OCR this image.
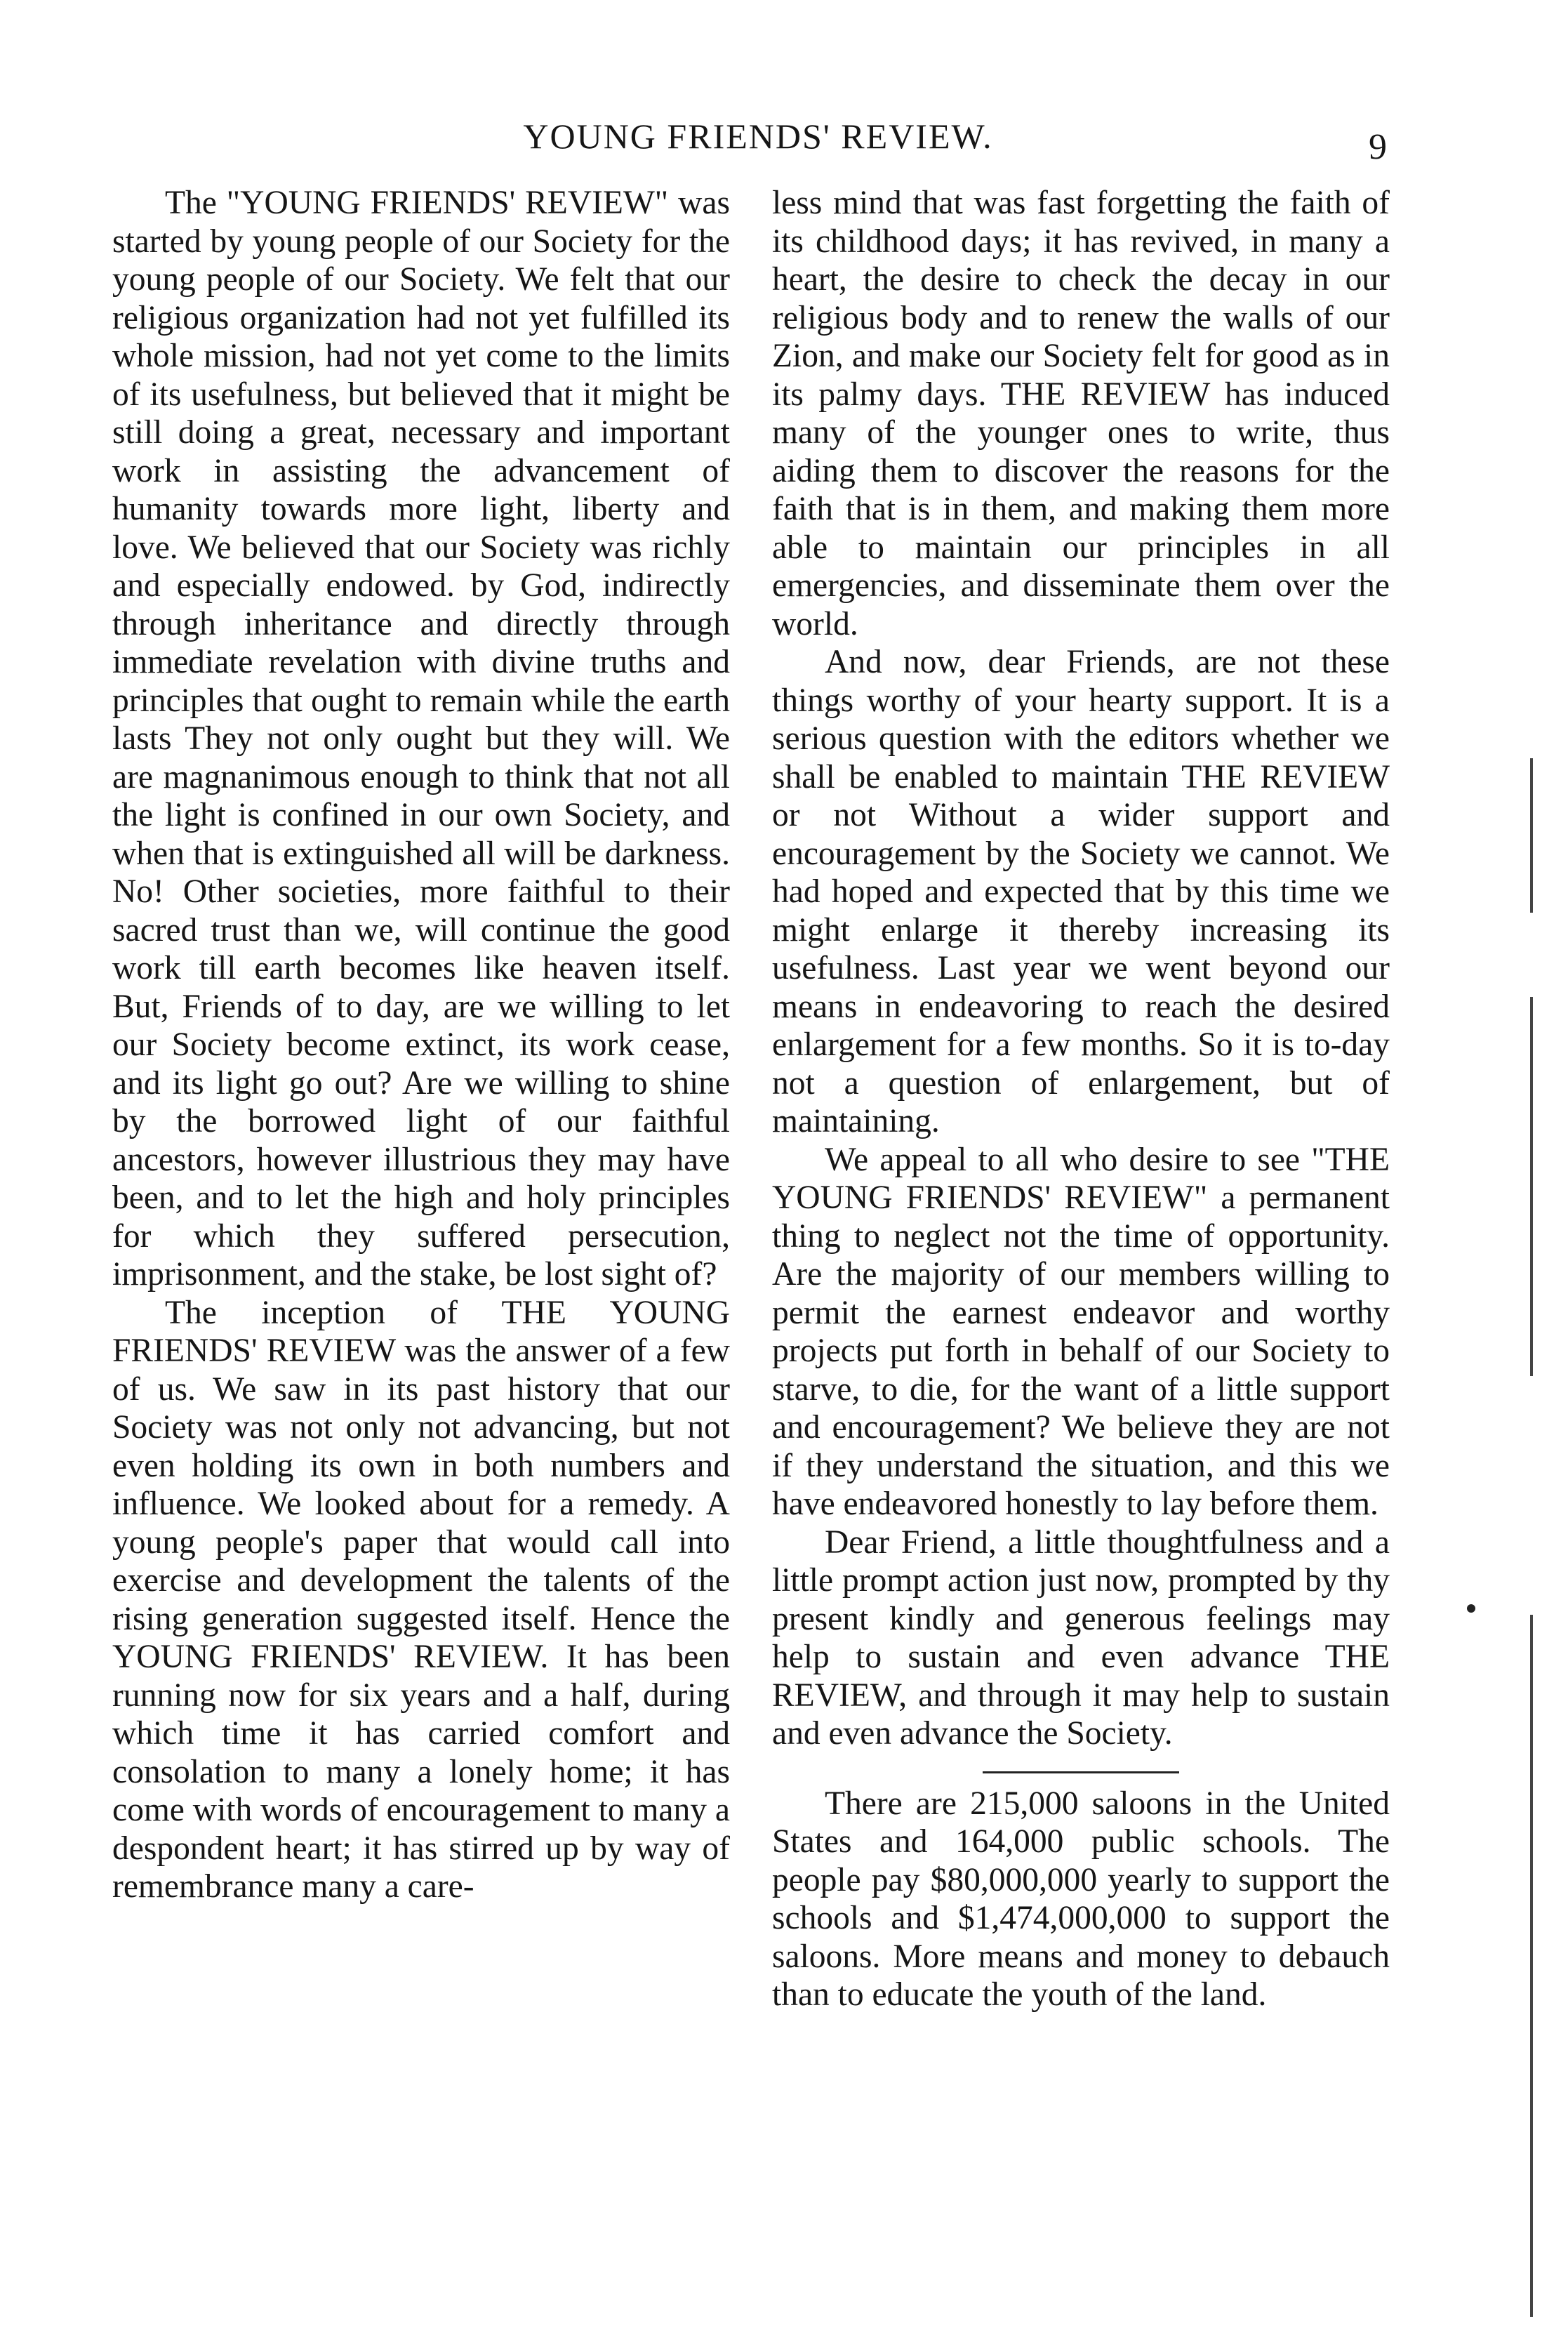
YOUNG FRIENDS' REVIEW.	9

The "YOUNG FRIENDS' REVIEW" was started by young people of our Society for the young people of our Society. We felt that our religious organization had not yet fulfilled its whole mission, had not yet come to the limits of its usefulness, but believed that it might be still doing a great, necessary and important work in assisting the advancement of humanity towards more light, liberty and love. We believed that our Society was richly and especially endowed. by God, indirectly through inheritance and directly through immediate revelation with divine truths and principles that ought to remain while the earth lasts They not only ought but they will. We are magnanimous enough to think that not all the light is confined in our own Society, and when that is extinguished all will be darkness. No! Other societies, more faithful to their sacred trust than we, will continue the good work till earth becomes like heaven itself. But, Friends of to day, are we willing to let our Society become extinct, its work cease, and its light go out? Are we willing to shine by the borrowed light of our faithful ancestors, however illustrious they may have been, and to let the high and holy principles for which they suffered persecution, imprisonment, and the stake, be lost sight of?

The inception of THE YOUNG FRIENDS' REVIEW was the answer of a few of us. We saw in its past history that our Society was not only not advancing, but not even holding its own in both numbers and influence. We looked about for a remedy. A young people's paper that would call into exercise and development the talents of the rising generation suggested itself. Hence the YOUNG FRIENDS' REVIEW. It has been running now for six years and a half, during which time it has carried comfort and consolation to many a lonely home; it has come with words of encouragement to many a despondent heart; it has stirred up by way of remembrance many a care-

less mind that was fast forgetting the faith of its childhood days; it has revived, in many a heart, the desire to check the decay in our religious body and to renew the walls of our Zion, and make our Society felt for good as in its palmy days. THE REVIEW has induced many of the younger ones to write, thus aiding them to discover the reasons for the faith that is in them, and making them more able to maintain our principles in all emergencies, and disseminate them over the world.

And now, dear Friends, are not these things worthy of your hearty support. It is a serious question with the editors whether we shall be enabled to maintain THE REVIEW or not Without a wider support and encouragement by the Society we cannot. We had hoped and expected that by this time we might enlarge it thereby increasing its usefulness. Last year we went beyond our means in endeavoring to reach the desired enlargement for a few months. So it is to-day not a question of enlargement, but of maintaining.

We appeal to all who desire to see "THE YOUNG FRIENDS' REVIEW" a permanent thing to neglect not the time of opportunity. Are the majority of our members willing to permit the earnest endeavor and worthy projects put forth in behalf of our Society to starve, to die, for the want of a little support and encouragement? We believe they are not if they understand the situation, and this we have endeavored honestly to lay before them.

Dear Friend, a little thoughtfulness and a little prompt action just now, prompted by thy present kindly and generous feelings may help to sustain and even advance THE REVIEW, and through it may help to sustain and even advance the Society.

There are 215,000 saloons in the United States and 164,000 public schools. The people pay $80,000,000 yearly to support the schools and $1,474,000,000 to support the saloons. More means and money to debauch than to educate the youth of the land.
